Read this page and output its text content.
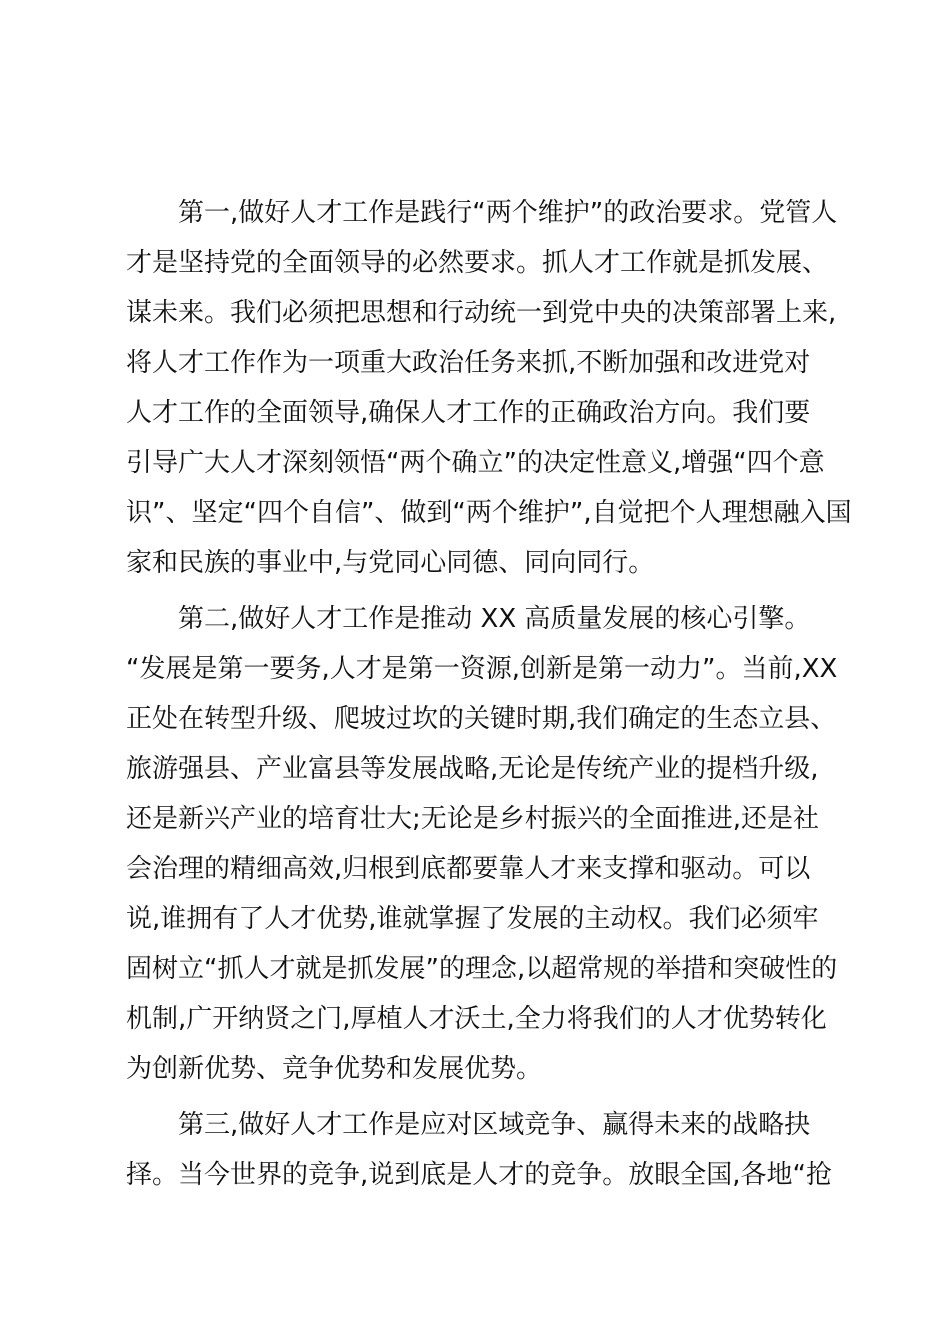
第一,做好人才工作是践行“两个维护”的政治要求。党管人
才是坚持党的全面领导的必然要求。抓人才工作就是抓发展、
谋未来。我们必须把思想和行动统一到党中央的决策部署上来,
将人才工作作为一项重大政治任务来抓,不断加强和改进党对
人才工作的全面领导,确保人才工作的正确政治方向。我们要
引导广大人才深刻领悟“两个确立”的决定性意义,增强“四个意
识”、坚定“四个自信”、做到“两个维护”,自觉把个人理想融入国
家和民族的事业中,与党同心同德、同向同行。
第二,做好人才工作是推动 XX 高质量发展的核心引擎。
“发展是第一要务,人才是第一资源,创新是第一动力”。当前,XX
正处在转型升级、爬坡过坎的关键时期,我们确定的生态立县、
旅游强县、产业富县等发展战略,无论是传统产业的提档升级,
还是新兴产业的培育壮大;无论是乡村振兴的全面推进,还是社
会治理的精细高效,归根到底都要靠人才来支撑和驱动。可以
说,谁拥有了人才优势,谁就掌握了发展的主动权。我们必须牢
固树立“抓人才就是抓发展”的理念,以超常规的举措和突破性的
机制,广开纳贤之门,厚植人才沃土,全力将我们的人才优势转化
为创新优势、竞争优势和发展优势。
第三,做好人才工作是应对区域竞争、赢得未来的战略抉
择。当今世界的竞争,说到底是人才的竞争。放眼全国,各地“抢
